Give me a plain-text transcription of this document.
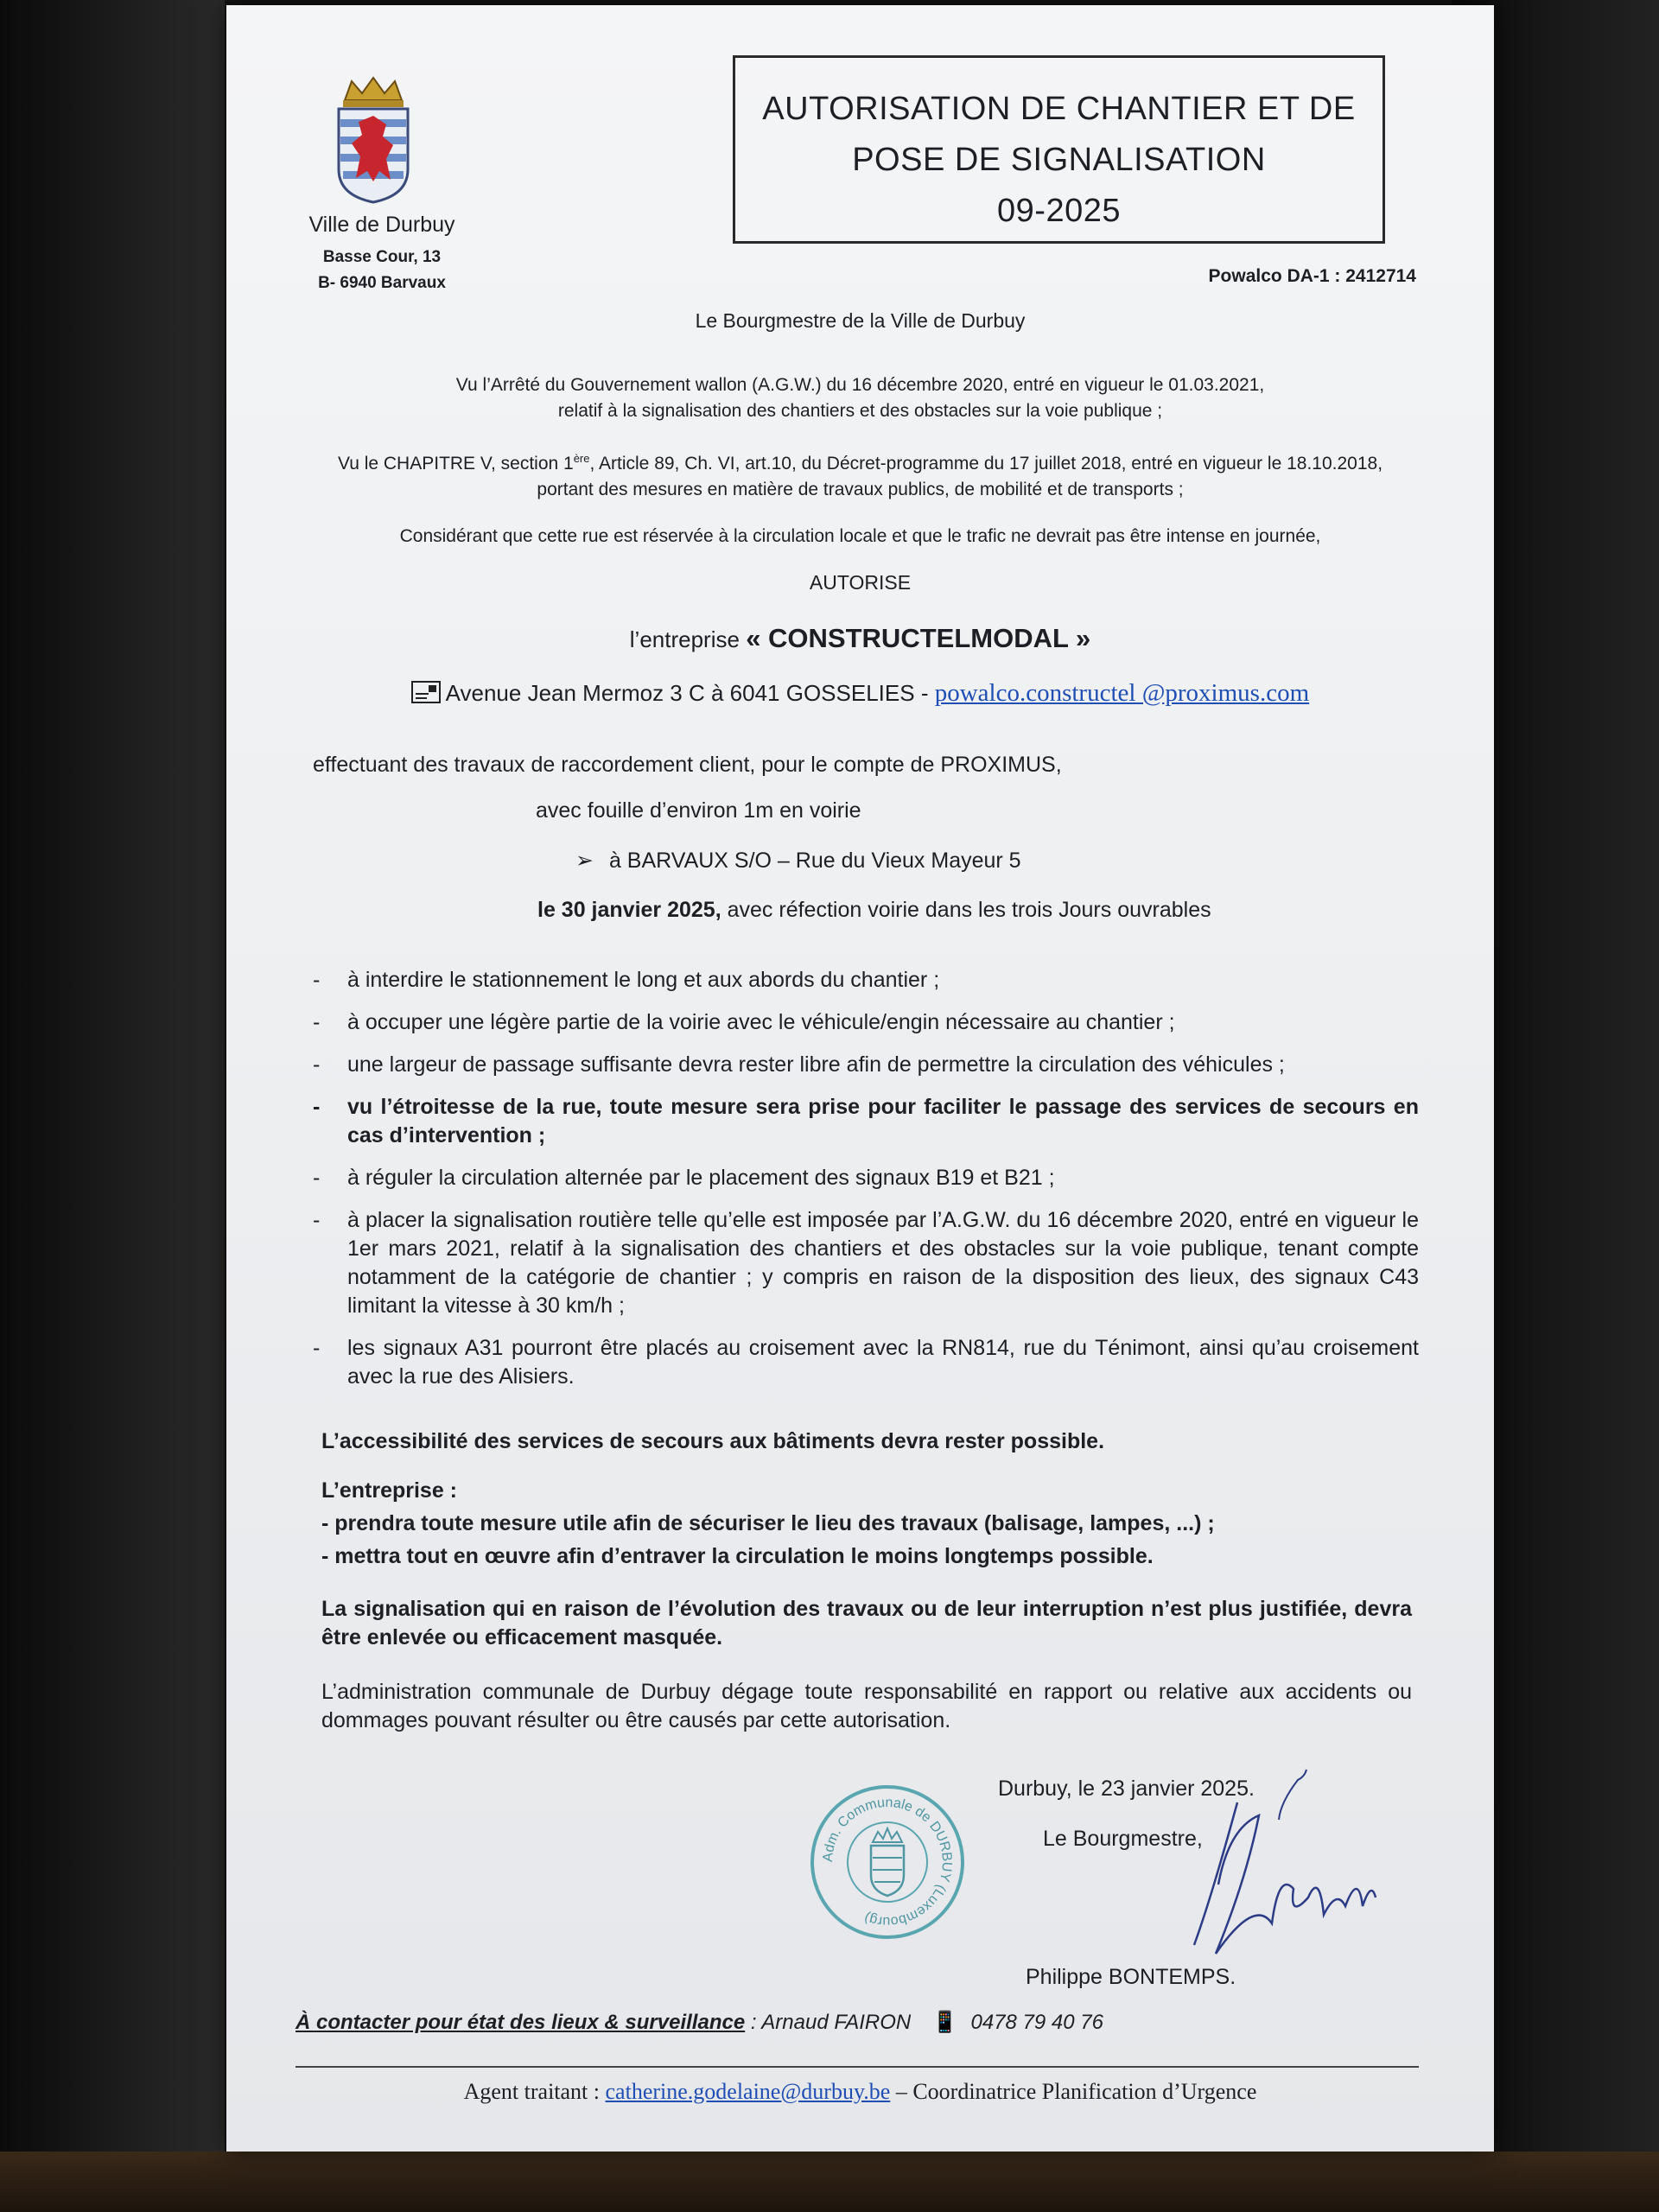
Ville de Durbuy
Basse Cour, 13
B- 6940 Barvaux
AUTORISATION DE CHANTIER ET DE
POSE DE SIGNALISATION
09-2025
Powalco DA-1 : 2412714
Le Bourgmestre de la Ville de Durbuy
Vu l’Arrêté du Gouvernement wallon (A.G.W.) du 16 décembre 2020, entré en vigueur le 01.03.2021,
relatif à la signalisation des chantiers et des obstacles sur la voie publique ;
Vu le CHAPITRE V, section 1ère, Article 89, Ch. VI, art.10, du Décret-programme du 17 juillet 2018, entré en vigueur le 18.10.2018,
portant des mesures en matière de travaux publics, de mobilité et de transports ;
Considérant que cette rue est réservée à la circulation locale et que le trafic ne devrait pas être intense en journée,
AUTORISE
l’entreprise « CONSTRUCTELMODAL »
Avenue Jean Mermoz 3 C à 6041 GOSSELIES - powalco.constructel @proximus.com
effectuant des travaux de raccordement client, pour le compte de PROXIMUS,
avec fouille d’environ 1m en voirie
➢ à BARVAUX S/O – Rue du Vieux Mayeur 5
le 30 janvier 2025, avec réfection voirie dans les trois Jours ouvrables
- à interdire le stationnement le long et aux abords du chantier ;
- à occuper une légère partie de la voirie avec le véhicule/engin nécessaire au chantier ;
- une largeur de passage suffisante devra rester libre afin de permettre la circulation des véhicules ;
- vu l’étroitesse de la rue, toute mesure sera prise pour faciliter le passage des services de secours en cas d’intervention ;
- à réguler la circulation alternée par le placement des signaux B19 et B21 ;
- à placer la signalisation routière telle qu’elle est imposée par l’A.G.W. du 16 décembre 2020, entré en vigueur le 1er mars 2021, relatif à la signalisation des chantiers et des obstacles sur la voie publique, tenant compte notamment de la catégorie de chantier ; y compris en raison de la disposition des lieux, des signaux C43 limitant la vitesse à 30 km/h ;
- les signaux A31 pourront être placés au croisement avec la RN814, rue du Ténimont, ainsi qu’au croisement avec la rue des Alisiers.
L’accessibilité des services de secours aux bâtiments devra rester possible.
L’entreprise :
- prendra toute mesure utile afin de sécuriser le lieu des travaux (balisage, lampes, ...) ;
- mettra tout en œuvre afin d’entraver la circulation le moins longtemps possible.
La signalisation qui en raison de l’évolution des travaux ou de leur interruption n’est plus justifiée, devra être enlevée ou efficacement masquée.
L’administration communale de Durbuy dégage toute responsabilité en rapport ou relative aux accidents ou dommages pouvant résulter ou être causés par cette autorisation.
Durbuy, le 23 janvier 2025.
Le Bourgmestre,
Adm. Communale de DURBUY (Luxembourg)
Philippe BONTEMPS.
À contacter pour état des lieux & surveillance : Arnaud FAIRON 📱 0478 79 40 76
Agent traitant : catherine.godelaine@durbuy.be – Coordinatrice Planification d’Urgence
